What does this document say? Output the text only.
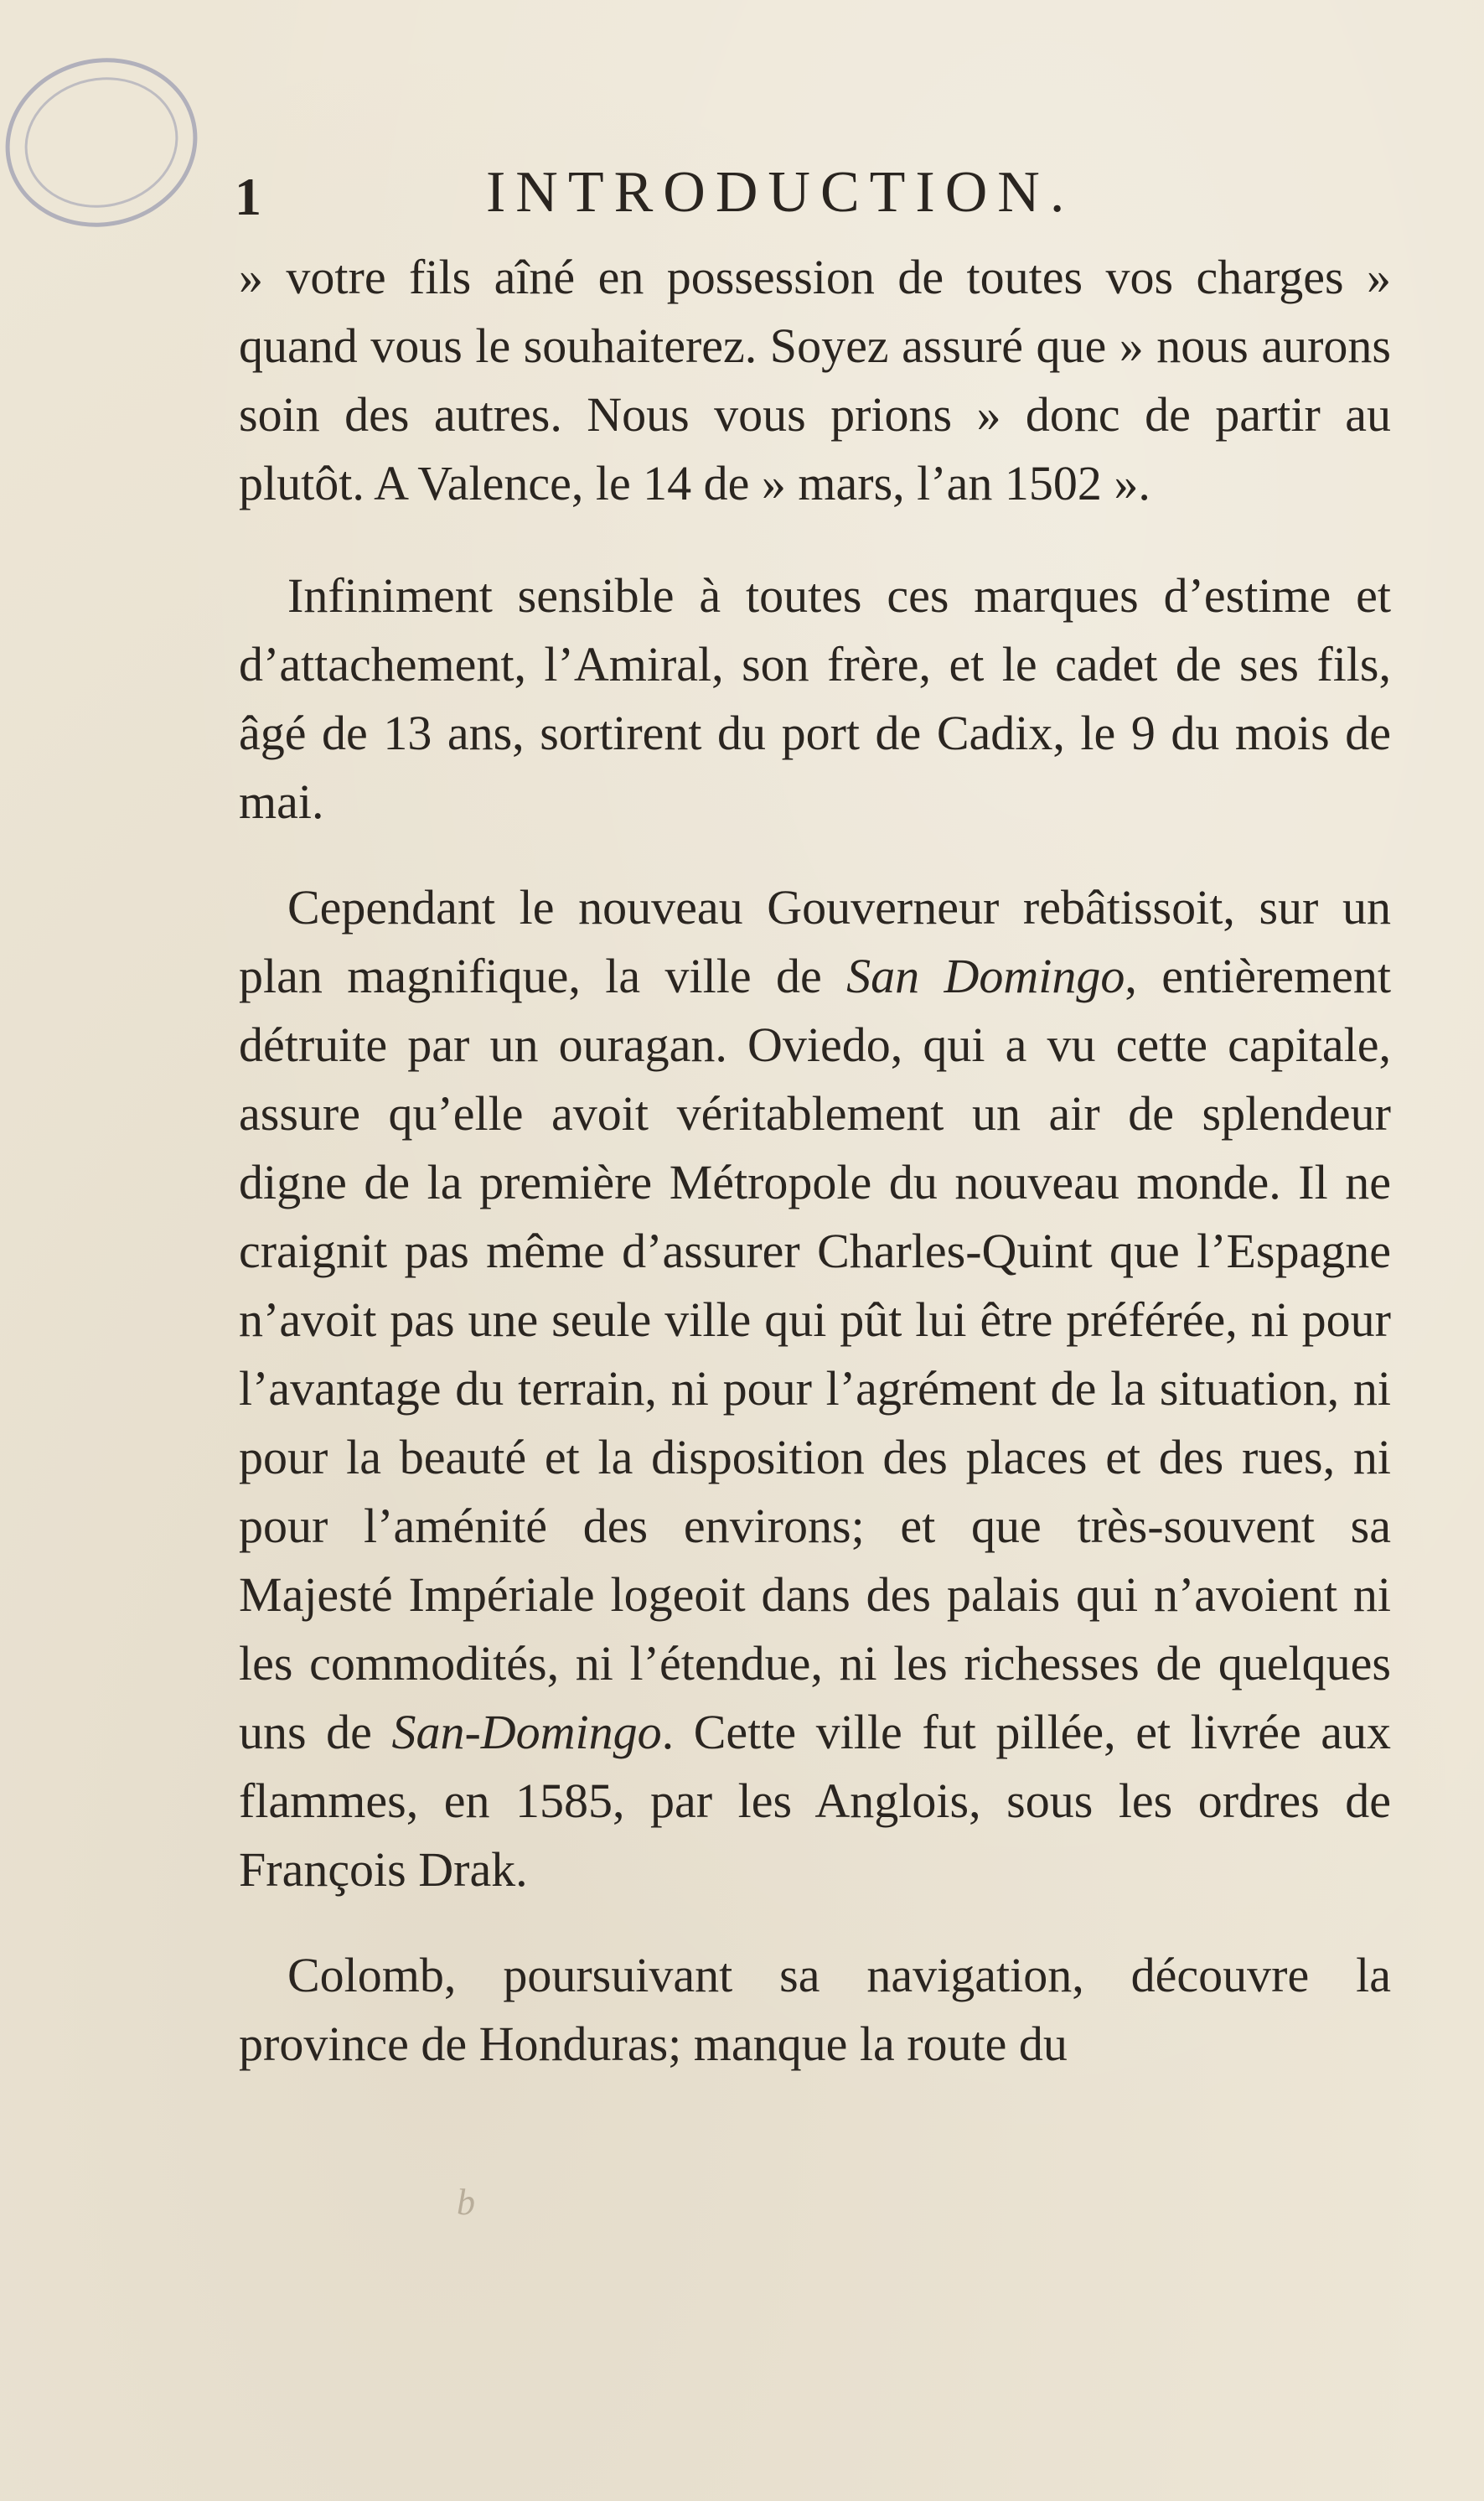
1	INTRODUCTION.

» votre fils aîné en possession de toutes vos charges » quand vous le souhaiterez. Soyez assuré que » nous aurons soin des autres. Nous vous prions » donc de partir au plutôt. A Valence, le 14 de » mars, l’an 1502 ».

Infiniment sensible à toutes ces marques d’estime et d’attachement, l’Amiral, son frère, et le cadet de ses fils, âgé de 13 ans, sortirent du port de Cadix, le 9 du mois de mai.

Cependant le nouveau Gouverneur rebâtissoit, sur un plan magnifique, la ville de San Domingo, entièrement détruite par un ouragan. Oviedo, qui a vu cette capitale, assure qu’elle avoit véritablement un air de splendeur digne de la première Métropole du nouveau monde. Il ne craignit pas même d’assurer Charles-Quint que l’Espagne n’avoit pas une seule ville qui pût lui être préférée, ni pour l’avantage du terrain, ni pour l’agrément de la situation, ni pour la beauté et la disposition des places et des rues, ni pour l’aménité des environs; et que très-souvent sa Majesté Impériale logeoit dans des palais qui n’avoient ni les commodités, ni l’étendue, ni les richesses de quelques uns de San-Domingo. Cette ville fut pillée, et livrée aux flammes, en 1585, par les Anglois, sous les ordres de François Drak.

Colomb, poursuivant sa navigation, découvre la province de Honduras; manque la route du

b
